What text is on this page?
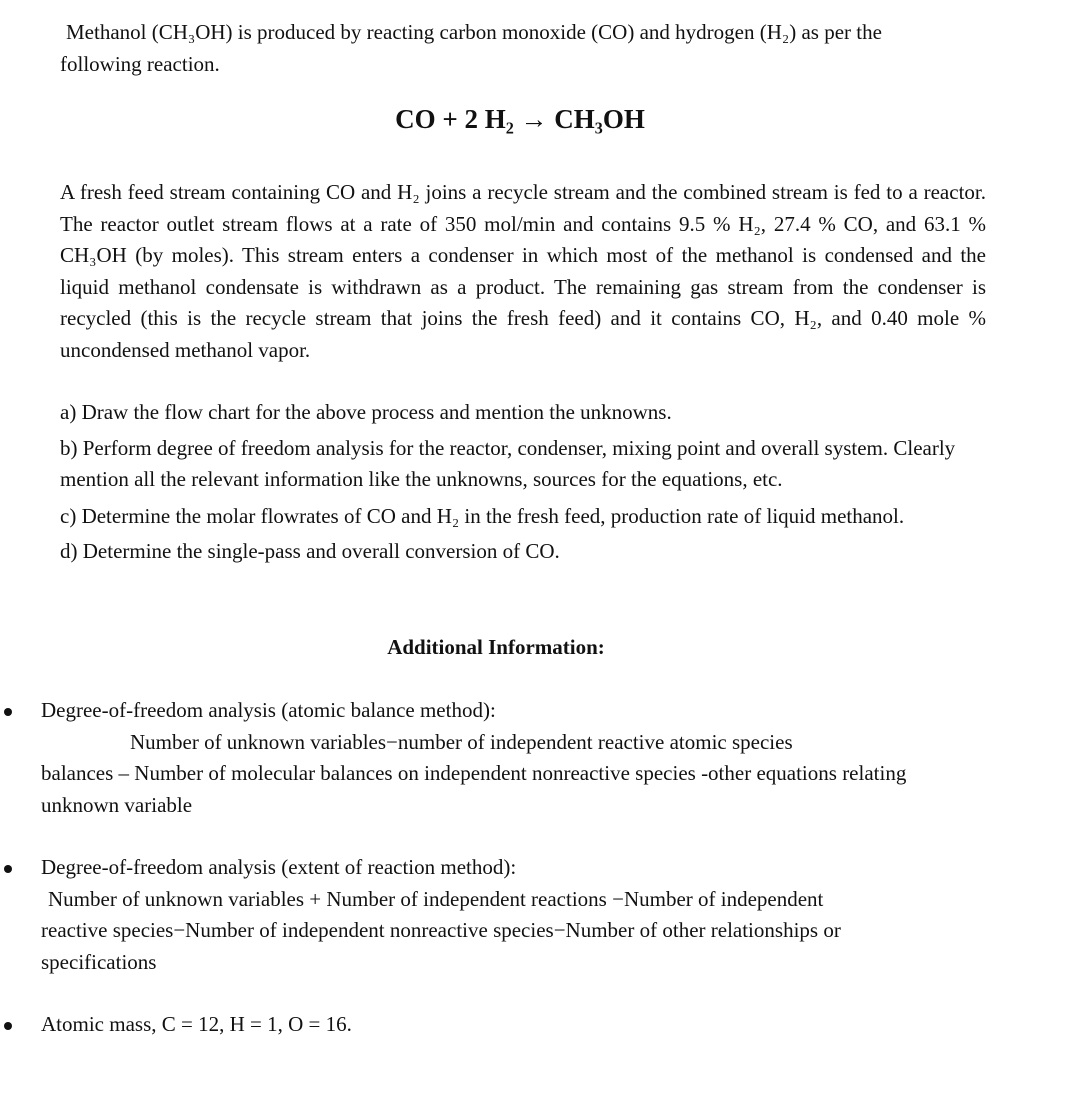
Methanol (CH₃OH) is produced by reacting carbon monoxide (CO) and hydrogen (H₂) as per the
following reaction.
CO + 2 H₂ → CH₃OH
A fresh feed stream containing CO and H₂ joins a recycle stream and the combined stream is fed to a reactor. The reactor outlet stream flows at a rate of 350 mol/min and contains 9.5 % H₂, 27.4 % CO, and 63.1 % CH₃OH (by moles). This stream enters a condenser in which most of the methanol is condensed and the liquid methanol condensate is withdrawn as a product. The remaining gas stream from the condenser is recycled (this is the recycle stream that joins the fresh feed) and it contains CO, H₂, and 0.40 mole % uncondensed methanol vapor.
a) Draw the flow chart for the above process and mention the unknowns.
b) Perform degree of freedom analysis for the reactor, condenser, mixing point and overall system. Clearly mention all the relevant information like the unknowns, sources for the equations, etc.
c) Determine the molar flowrates of CO and H₂ in the fresh feed, production rate of liquid methanol.
d) Determine the single-pass and overall conversion of CO.
Additional Information:
Degree-of-freedom analysis (atomic balance method):
Number of unknown variables−number of independent reactive atomic species
balances – Number of molecular balances on independent nonreactive species -other equations relating unknown variable
Degree-of-freedom analysis (extent of reaction method):
Number of unknown variables + Number of independent reactions −Number of independent
reactive species−Number of independent nonreactive species−Number of other relationships or specifications
Atomic mass, C = 12, H = 1, O = 16.
